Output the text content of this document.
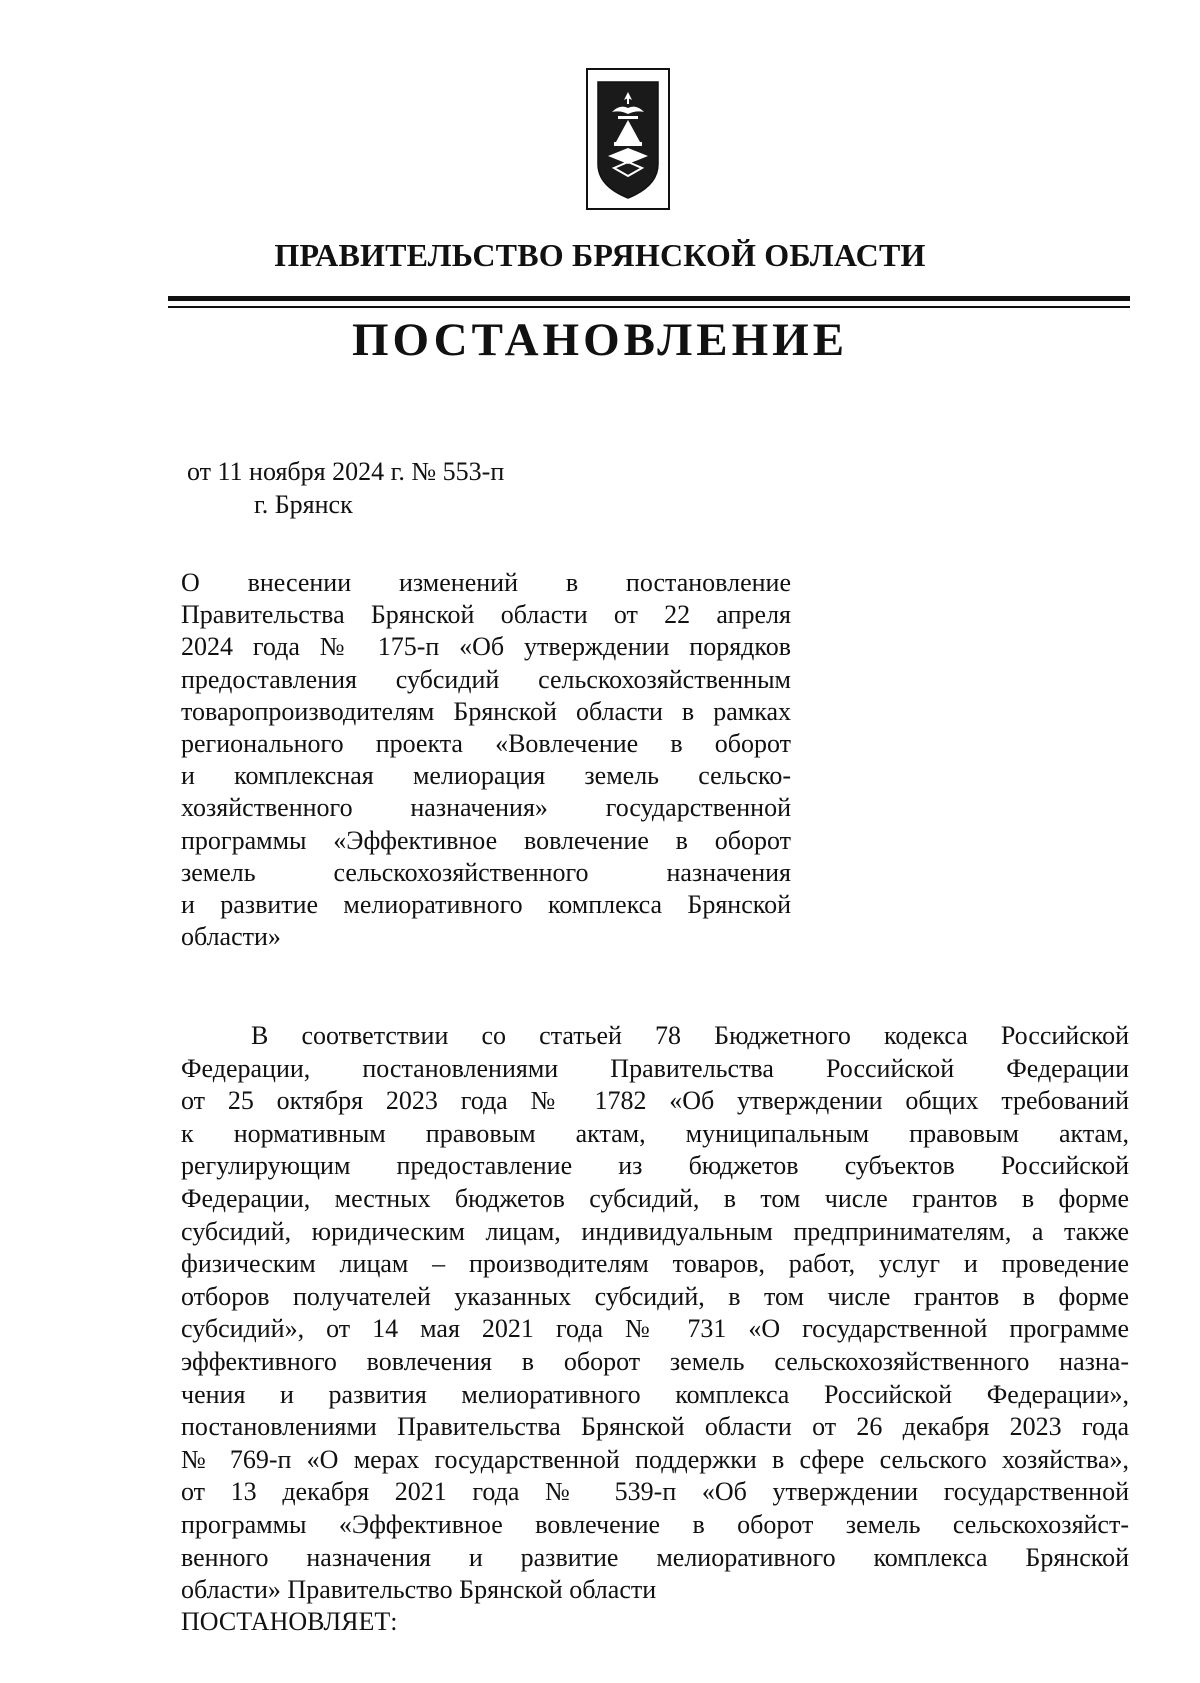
ПРАВИТЕЛЬСТВО БРЯНСКОЙ ОБЛАСТИ
ПОСТАНОВЛЕНИЕ
от 11 ноября 2024 г. № 553-п
г. Брянск
О внесении изменений в постановление
Правительства Брянской области от 22 апреля
2024 года № 175-п «Об утверждении порядков
предоставления субсидий сельскохозяйственным
товаропроизводителям Брянской области в рамках
регионального проекта «Вовлечение в оборот
и комплексная мелиорация земель сельско-
хозяйственного назначения» государственной
программы «Эффективное вовлечение в оборот
земель сельскохозяйственного назначения
и развитие мелиоративного комплекса Брянской
области»
В соответствии со статьей 78 Бюджетного кодекса Российской
Федерации, постановлениями Правительства Российской Федерации
от 25 октября 2023 года № 1782 «Об утверждении общих требований
к нормативным правовым актам, муниципальным правовым актам,
регулирующим предоставление из бюджетов субъектов Российской
Федерации, местных бюджетов субсидий, в том числе грантов в форме
субсидий, юридическим лицам, индивидуальным предпринимателям, а также
физическим лицам – производителям товаров, работ, услуг и проведение
отборов получателей указанных субсидий, в том числе грантов в форме
субсидий», от 14 мая 2021 года № 731 «О государственной программе
эффективного вовлечения в оборот земель сельскохозяйственного назна-
чения и развития мелиоративного комплекса Российской Федерации»,
постановлениями Правительства Брянской области от 26 декабря 2023 года
№ 769-п «О мерах государственной поддержки в сфере сельского хозяйства»,
от 13 декабря 2021 года № 539-п «Об утверждении государственной
программы «Эффективное вовлечение в оборот земель сельскохозяйст-
венного назначения и развитие мелиоративного комплекса Брянской
области» Правительство Брянской области
ПОСТАНОВЛЯЕТ:
